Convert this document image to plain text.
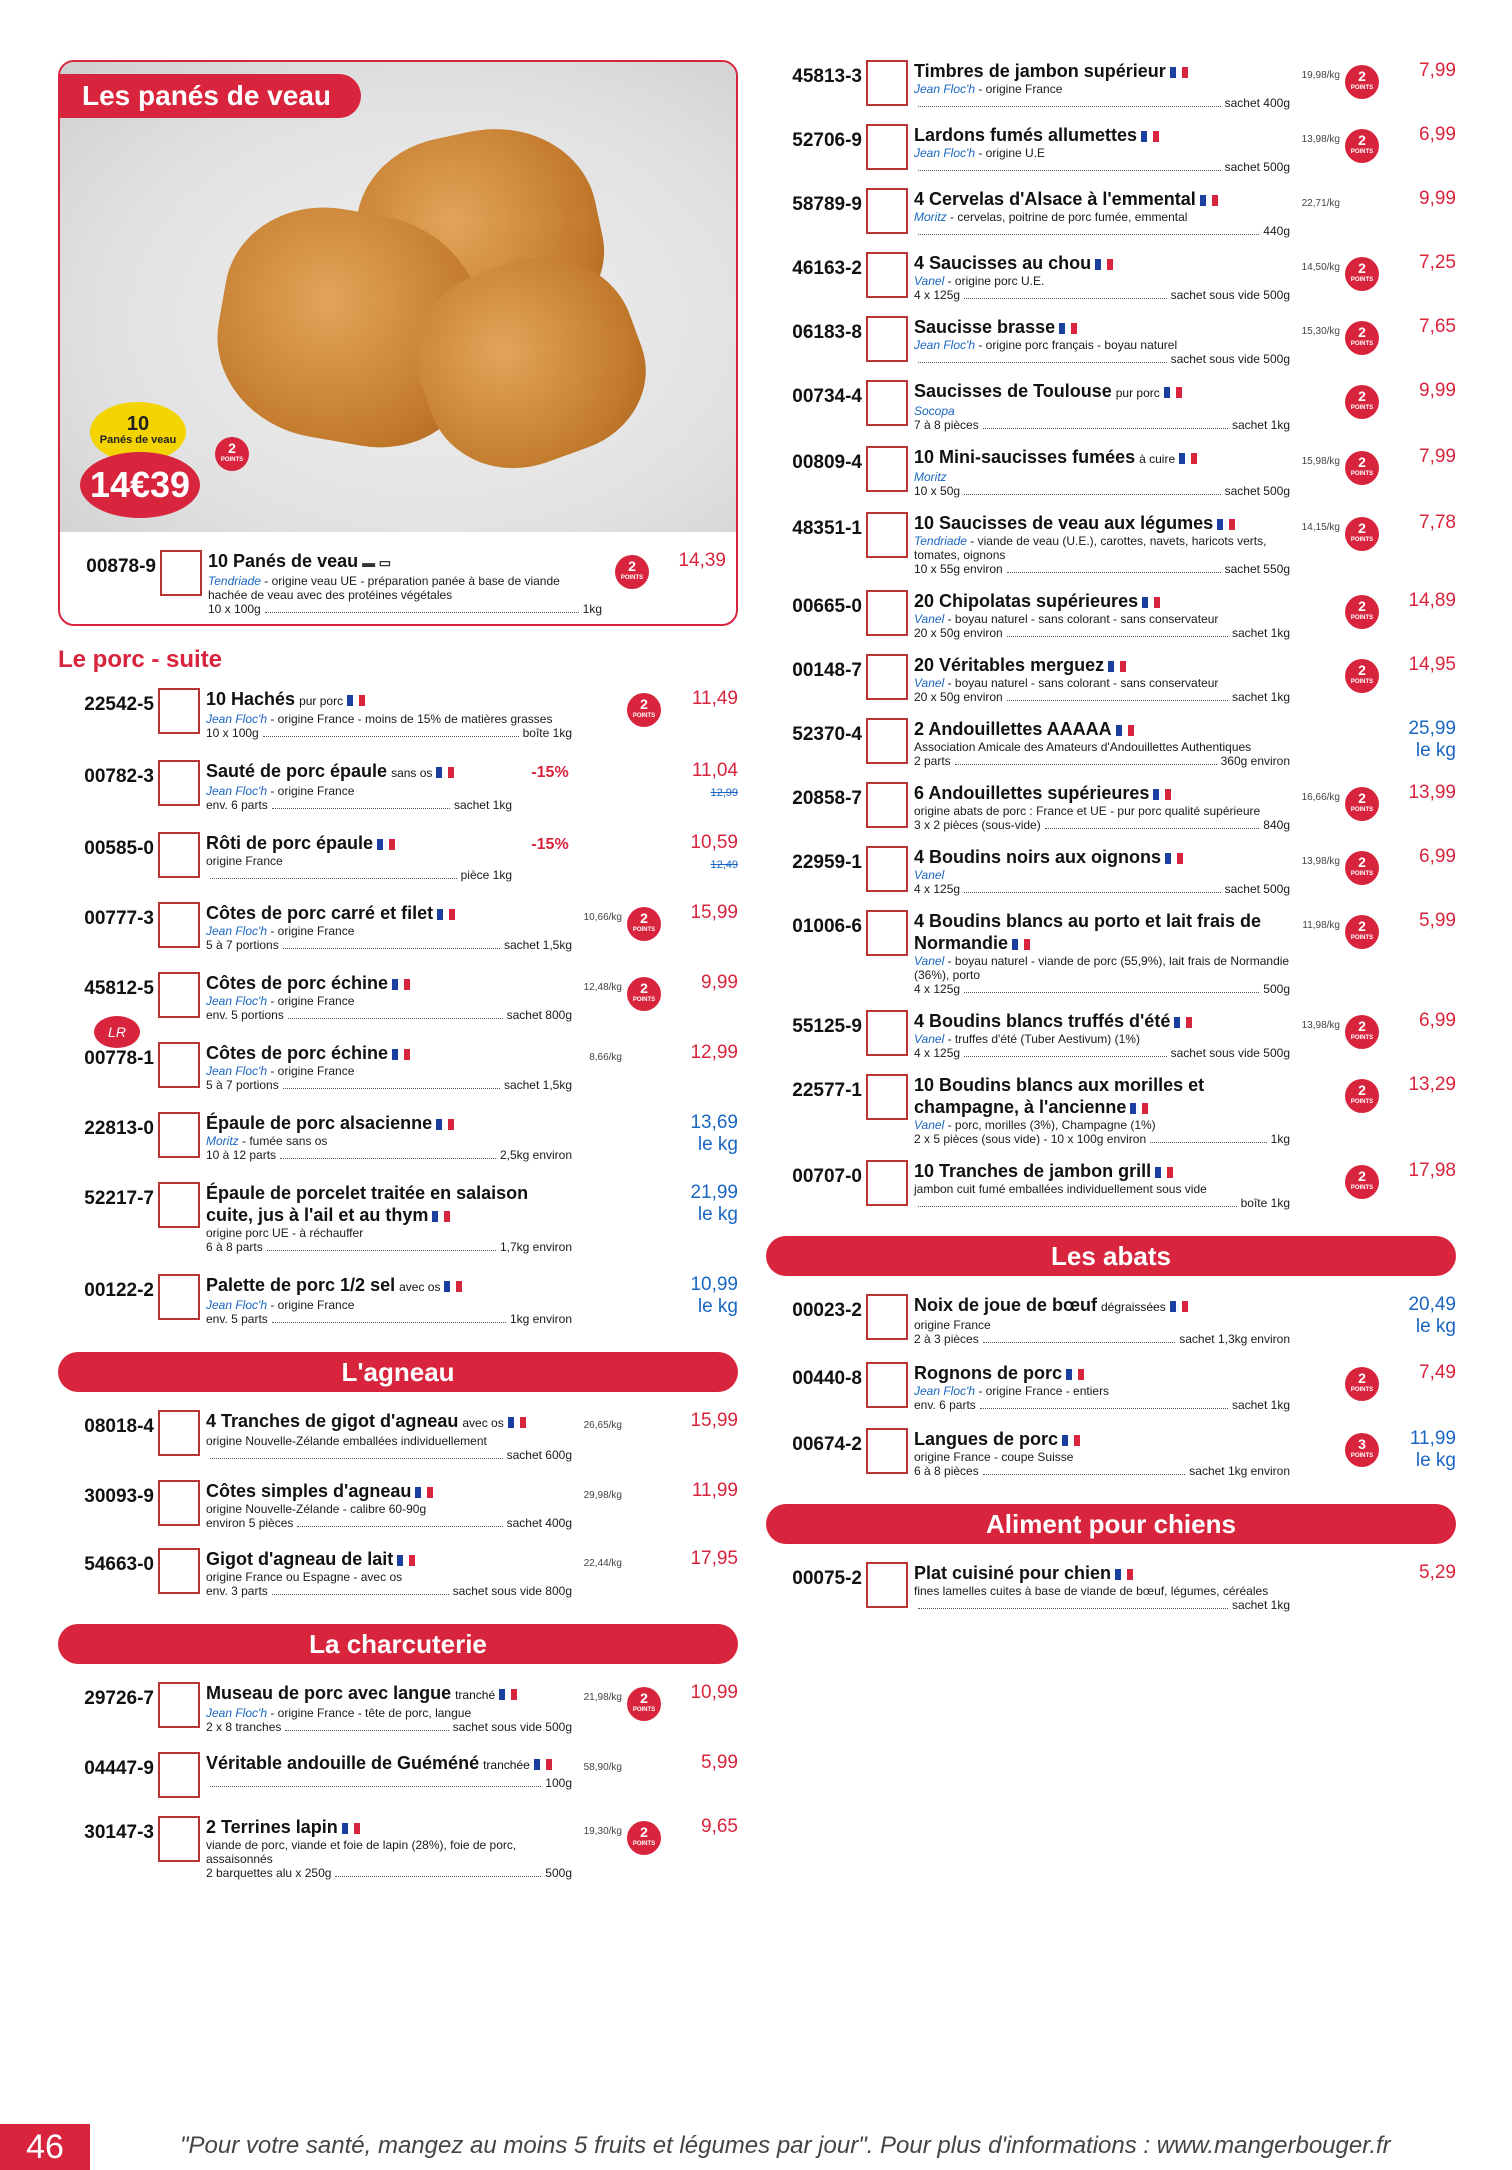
Les panés de veau
10
Panés de veau
14€39
2
POINTS
00878-9	10 Panés de veau ▬ ▭
Tendriade - origine veau UE - préparation panée à base de viande hachée de veau avec des protéines végétales
10 x 100g	1kg
2
POINTS
14,39
Le porc - suite
22542-5	10 Hachés pur porc
Jean Floc'h - origine France - moins de 15% de matières grasses
10 x 100g	boîte 1kg
2
POINTS
11,49
00782-3	Sauté de porc épaule sans os
Jean Floc'h - origine France
env. 6 parts	sachet 1kg
-15%	11,04
12,99
00585-0	Rôti de porc épaule
origine France
pièce 1kg
-15%	10,59
12,49
00777-3	Côtes de porc carré et filet
Jean Floc'h - origine France
5 à 7 portions	sachet 1,5kg
10,66/kg 2
POINTS
15,99
45812-5	Côtes de porc échine
Jean Floc'h - origine France
env. 5 portions	sachet 800g
12,48/kg 2
POINTS
9,99
LR
00778-1	Côtes de porc échine
Jean Floc'h - origine France
5 à 7 portions	sachet 1,5kg
8,66/kg	12,99
22813-0	Épaule de porc alsacienne
Moritz - fumée sans os
10 à 12 parts	2,5kg environ
13,69
le kg
52217-7	Épaule de porcelet traitée en salaison cuite, jus à l'ail et au thym
origine porc UE - à réchauffer
6 à 8 parts	1,7kg environ
21,99
le kg
00122-2	Palette de porc 1/2 sel avec os
Jean Floc'h - origine France
env. 5 parts	1kg environ
10,99
le kg
L'agneau
08018-4	4 Tranches de gigot d'agneau avec os
origine Nouvelle-Zélande emballées individuellement
sachet 600g
26,65/kg	15,99
30093-9	Côtes simples d'agneau
origine Nouvelle-Zélande - calibre 60-90g
environ 5 pièces	sachet 400g
29,98/kg	11,99
54663-0	Gigot d'agneau de lait
origine France ou Espagne - avec os
env. 3 parts	sachet sous vide 800g
22,44/kg	17,95
La charcuterie
29726-7	Museau de porc avec langue tranché
Jean Floc'h - origine France - tête de porc, langue
2 x 8 tranches	sachet sous vide 500g
21,98/kg 2
POINTS
10,99
04447-9	Véritable andouille de Guéméné tranchée
100g
58,90/kg	5,99
30147-3	2 Terrines lapin
viande de porc, viande et foie de lapin (28%), foie de porc, assaisonnés
2 barquettes alu x 250g	500g
19,30/kg 2
POINTS
9,65
45813-3	Timbres de jambon supérieur
Jean Floc'h - origine France
sachet 400g
19,98/kg 2
POINTS
7,99
52706-9	Lardons fumés allumettes
Jean Floc'h - origine U.E
sachet 500g
13,98/kg 2
POINTS
6,99
58789-9	4 Cervelas d'Alsace à l'emmental
Moritz - cervelas, poitrine de porc fumée, emmental
440g
22,71/kg	9,99
46163-2	4 Saucisses au chou
Vanel - origine porc U.E.
4 x 125g	sachet sous vide 500g
14,50/kg 2
POINTS
7,25
06183-8	Saucisse brasse
Jean Floc'h - origine porc français - boyau naturel
sachet sous vide 500g
15,30/kg 2
POINTS
7,65
00734-4	Saucisses de Toulouse pur porc
Socopa
7 à 8 pièces	sachet 1kg
2
POINTS
9,99
00809-4	10 Mini-saucisses fumées à cuire
Moritz
10 x 50g	sachet 500g
15,98/kg 2
POINTS
7,99
48351-1	10 Saucisses de veau aux légumes
Tendriade - viande de veau (U.E.), carottes, navets, haricots verts, tomates, oignons
10 x 55g environ	sachet 550g
14,15/kg 2
POINTS
7,78
00665-0	20 Chipolatas supérieures
Vanel - boyau naturel - sans colorant - sans conservateur
20 x 50g environ	sachet 1kg
2
POINTS
14,89
00148-7	20 Véritables merguez
Vanel - boyau naturel - sans colorant - sans conservateur
20 x 50g environ	sachet 1kg
2
POINTS
14,95
52370-4	2 Andouillettes AAAAA
Association Amicale des Amateurs d'Andouillettes Authentiques
2 parts	360g environ
25,99
le kg
20858-7	6 Andouillettes supérieures
origine abats de porc : France et UE - pur porc qualité supérieure
3 x 2 pièces (sous-vide)	840g
16,66/kg 2
POINTS
13,99
22959-1	4 Boudins noirs aux oignons
Vanel
4 x 125g	sachet 500g
13,98/kg 2
POINTS
6,99
01006-6	4 Boudins blancs au porto et lait frais de Normandie
Vanel - boyau naturel - viande de porc (55,9%), lait frais de Normandie (36%), porto
4 x 125g	500g
11,98/kg 2
POINTS
5,99
55125-9	4 Boudins blancs truffés d'été
Vanel - truffes d'été (Tuber Aestivum) (1%)
4 x 125g	sachet sous vide 500g
13,98/kg 2
POINTS
6,99
22577-1	10 Boudins blancs aux morilles et champagne, à l'ancienne
Vanel - porc, morilles (3%), Champagne (1%)
2 x 5 pièces (sous vide) - 10 x 100g environ	1kg
2
POINTS
13,29
00707-0	10 Tranches de jambon grill
jambon cuit fumé emballées individuellement sous vide
boîte 1kg
2
POINTS
17,98
Les abats
00023-2	Noix de joue de bœuf dégraissées
origine France
2 à 3 pièces	sachet 1,3kg environ
20,49
le kg
00440-8	Rognons de porc
Jean Floc'h - origine France - entiers
env. 6 parts	sachet 1kg
2
POINTS
7,49
00674-2	Langues de porc
origine France - coupe Suisse
6 à 8 pièces	sachet 1kg environ
3
POINTS
11,99
le kg
Aliment pour chiens
00075-2	Plat cuisiné pour chien
fines lamelles cuites à base de viande de bœuf, légumes, céréales
sachet 1kg
5,29
46	"Pour votre santé, mangez au moins 5 fruits et légumes par jour". Pour plus d'informations : www.mangerbouger.fr
